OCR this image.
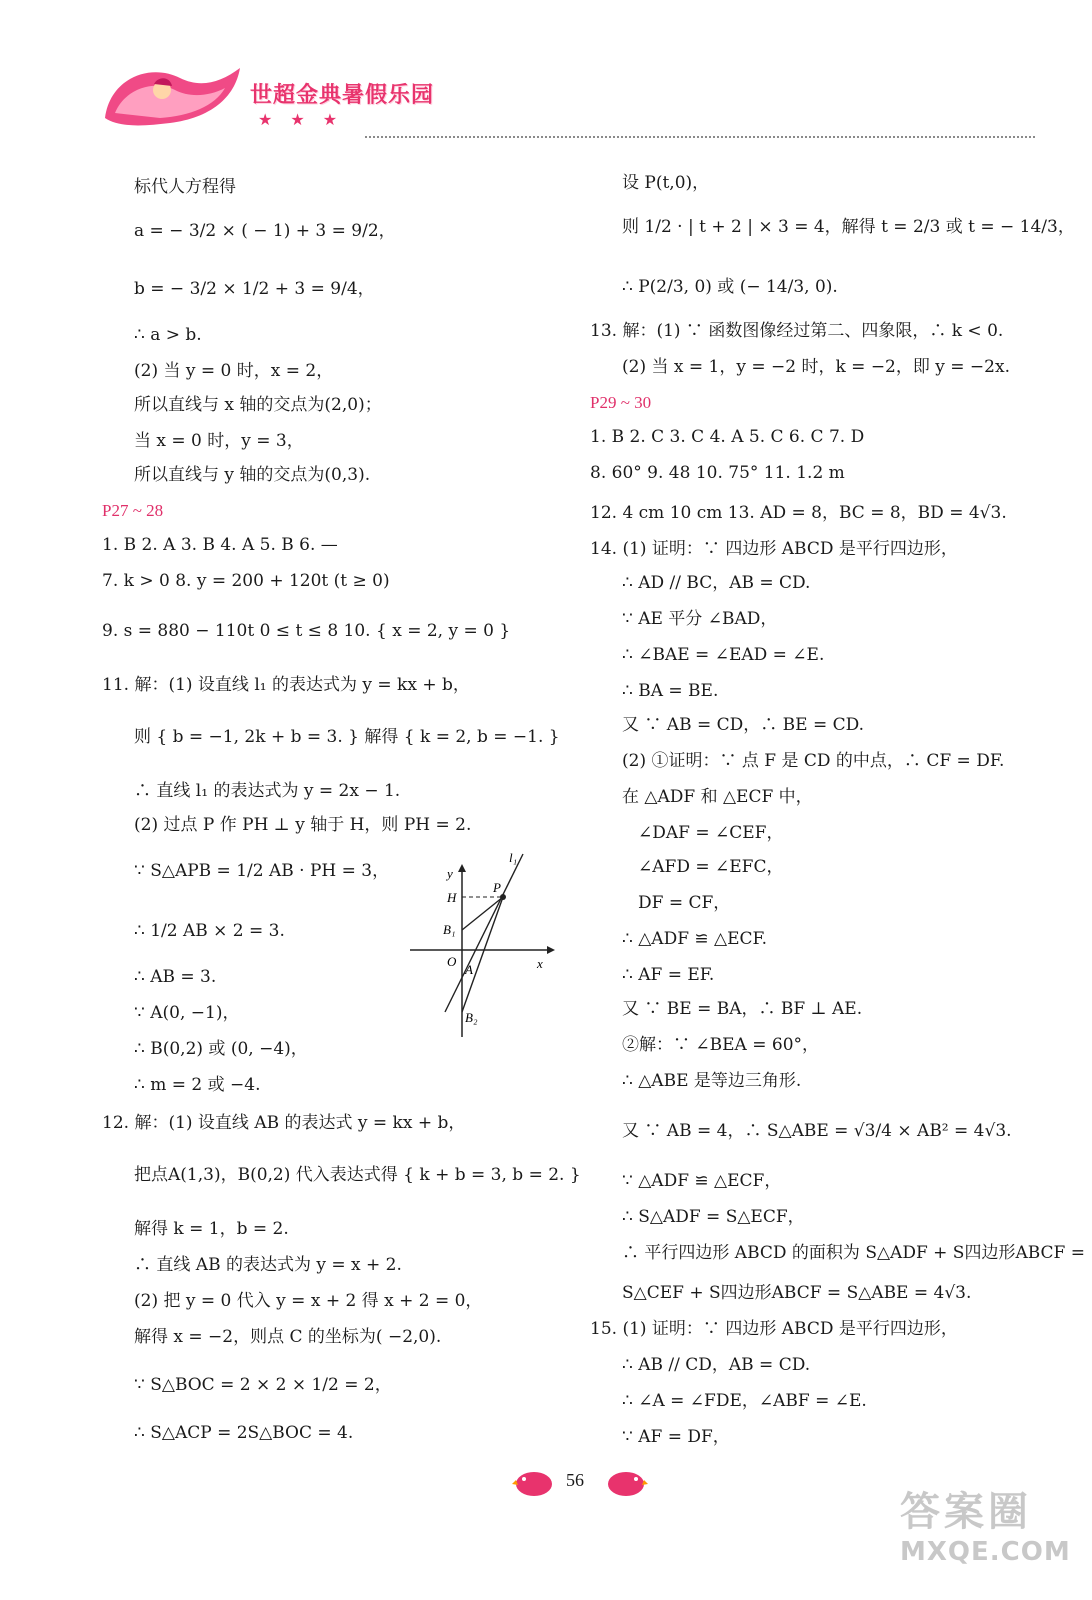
世超金典暑假乐园
★★★
标代人方程得
a = − 3/2 × ( − 1) + 3 = 9/2，
b = − 3/2 × 1/2 + 3 = 9/4，
∴ a > b.
(2) 当 y = 0 时，x = 2，
所以直线与 x 轴的交点为(2,0)；
当 x = 0 时，y = 3，
所以直线与 y 轴的交点为(0,3).
P27 ~ 28
1. B 2. A 3. B 4. A 5. B 6. —
7. k > 0 8. y = 200 + 120t (t ≥ 0)
9. s = 880 − 110t 0 ≤ t ≤ 8 10. { x = 2, y = 0 }
11. 解：(1) 设直线 l₁ 的表达式为 y = kx + b，
则 { b = −1, 2k + b = 3. } 解得 { k = 2, b = −1. }
∴ 直线 l₁ 的表达式为 y = 2x − 1.
(2) 过点 P 作 PH ⊥ y 轴于 H，则 PH = 2.
∵ S△APB = 1/2 AB · PH = 3，
∴ 1/2 AB × 2 = 3.
∴ AB = 3.
∵ A(0, −1)，
∴ B(0,2) 或 (0, −4)，
∴ m = 2 或 −4.
12. 解：(1) 设直线 AB 的表达式 y = kx + b，
把点A(1,3)，B(0,2) 代入表达式得 { k + b = 3, b = 2. }
解得 k = 1，b = 2.
∴ 直线 AB 的表达式为 y = x + 2.
(2) 把 y = 0 代入 y = x + 2 得 x + 2 = 0，
解得 x = −2，则点 C 的坐标为( −2,0).
∵ S△BOC = 2 × 2 × 1/2 = 2，
∴ S△ACP = 2S△BOC = 4.
设 P(t,0)，
则 1/2 · | t + 2 | × 3 = 4，解得 t = 2/3 或 t = − 14/3，
∴ P(2/3, 0) 或 (− 14/3, 0).
13. 解：(1) ∵ 函数图像经过第二、四象限，∴ k < 0.
(2) 当 x = 1，y = −2 时，k = −2，即 y = −2x.
P29 ~ 30
1. B 2. C 3. C 4. A 5. C 6. C 7. D
8. 60° 9. 48 10. 75° 11. 1.2 m
12. 4 cm 10 cm 13. AD = 8，BC = 8，BD = 4√3.
14. (1) 证明：∵ 四边形 ABCD 是平行四边形，
∴ AD // BC，AB = CD.
∵ AE 平分 ∠BAD，
∴ ∠BAE = ∠EAD = ∠E.
∴ BA = BE.
又 ∵ AB = CD，∴ BE = CD.
(2) ①证明：∵ 点 F 是 CD 的中点，∴ CF = DF.
在 △ADF 和 △ECF 中，
∠DAF = ∠CEF，
∠AFD = ∠EFC，
DF = CF，
∴ △ADF ≌ △ECF.
∴ AF = EF.
又 ∵ BE = BA，∴ BF ⊥ AE.
②解：∵ ∠BEA = 60°，
∴ △ABE 是等边三角形.
又 ∵ AB = 4，∴ S△ABE = √3/4 × AB² = 4√3.
∵ △ADF ≌ △ECF，
∴ S△ADF = S△ECF，
∴ 平行四边形 ABCD 的面积为 S△ADF + S四边形ABCF =
S△CEF + S四边形ABCF = S△ABE = 4√3.
15. (1) 证明：∵ 四边形 ABCD 是平行四边形，
∴ AB // CD，AB = CD.
∴ ∠A = ∠FDE，∠ABF = ∠E.
∵ AF = DF，
y
x
O
H
P
l₁
B₁
A
B₂
56
答案圈
MXQE.COM
